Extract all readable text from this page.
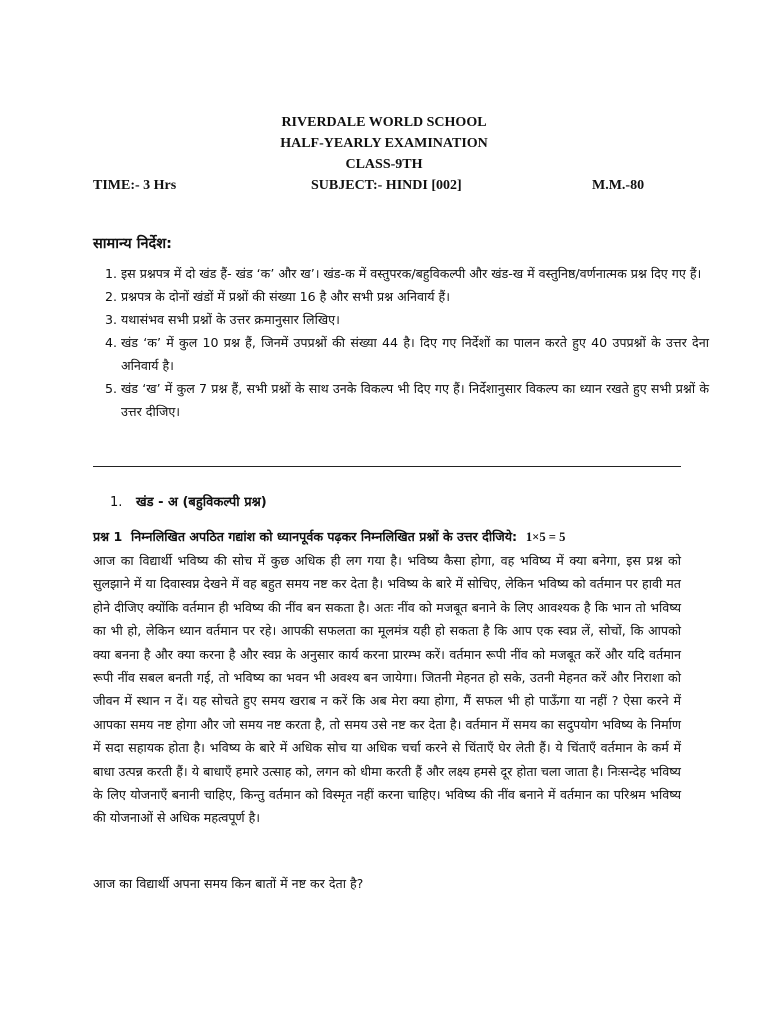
RIVERDALE WORLD SCHOOL
HALF-YEARLY EXAMINATION
CLASS-9TH
TIME:- 3 Hrs	SUBJECT:- HINDI [002]	M.M.-80
सामान्य निर्देश:
1. इस प्रश्नपत्र में दो खंड हैं- खंड ‘क’ और ख’। खंड-क में वस्तुपरक/बहुविकल्पी और खंड-ख में वस्तुनिष्ठ/वर्णनात्मक प्रश्न दिए गए हैं।
2. प्रश्नपत्र के दोनों खंडों में प्रश्नों की संख्या 16 है और सभी प्रश्न अनिवार्य हैं।
3. यथासंभव सभी प्रश्नों के उत्तर क्रमानुसार लिखिए।
4. खंड ‘क’ में कुल 10 प्रश्न हैं, जिनमें उपप्रश्नों की संख्या 44 है। दिए गए निर्देशों का पालन करते हुए 40 उपप्रश्नों के उत्तर देना अनिवार्य है।
5. खंड ‘ख’ में कुल 7 प्रश्न हैं, सभी प्रश्नों के साथ उनके विकल्प भी दिए गए हैं। निर्देशानुसार विकल्प का ध्यान रखते हुए सभी प्रश्नों के उत्तर दीजिए।
1. खंड - अ (बहुविकल्पी प्रश्न)
प्रश्न 1 निम्नलिखित अपठित गद्यांश को ध्यानपूर्वक पढ़कर निम्नलिखित प्रश्नों के उत्तर दीजिये: 1×5 = 5

आज का विद्यार्थी भविष्य की सोच में कुछ अधिक ही लग गया है। भविष्य कैसा होगा, वह भविष्य में क्या बनेगा, इस प्रश्न को सुलझाने में या दिवास्वप्न देखने में वह बहुत समय नष्ट कर देता है। भविष्य के बारे में सोचिए, लेकिन भविष्य को वर्तमान पर हावी मत होने दीजिए क्योंकि वर्तमान ही भविष्य की नींव बन सकता है। अतः नींव को मजबूत बनाने के लिए आवश्यक है कि भान तो भविष्य का भी हो, लेकिन ध्यान वर्तमान पर रहे। आपकी सफलता का मूलमंत्र यही हो सकता है कि आप एक स्वप्न लें, सोचों, कि आपको क्या बनना है और क्या करना है और स्वप्न के अनुसार कार्य करना प्रारम्भ करें। वर्तमान रूपी नींव को मजबूत करें और यदि वर्तमान रूपी नींव सबल बनती गई, तो भविष्य का भवन भी अवश्य बन जायेगा। जितनी मेहनत हो सके, उतनी मेहनत करें और निराशा को जीवन में स्थान न दें। यह सोचते हुए समय खराब न करें कि अब मेरा क्या होगा, मैं सफल भी हो पाऊँगा या नहीं ? ऐसा करने में आपका समय नष्ट होगा और जो समय नष्ट करता है, तो समय उसे नष्ट कर देता है। वर्तमान में समय का सदुपयोग भविष्य के निर्माण में सदा सहायक होता है। भविष्य के बारे में अधिक सोच या अधिक चर्चा करने से चिंताएँ घेर लेती हैं। ये चिंताएँ वर्तमान के कर्म में बाधा उत्पन्न करती हैं। ये बाधाएँ हमारे उत्साह को, लगन को धीमा करती हैं और लक्ष्य हमसे दूर होता चला जाता है। निःसन्देह भविष्य के लिए योजनाएँ बनानी चाहिए, किन्तु वर्तमान को विस्मृत नहीं करना चाहिए। भविष्य की नींव बनाने में वर्तमान का परिश्रम भविष्य की योजनाओं से अधिक महत्वपूर्ण है।

आज का विद्यार्थी अपना समय किन बातों में नष्ट कर देता है?
